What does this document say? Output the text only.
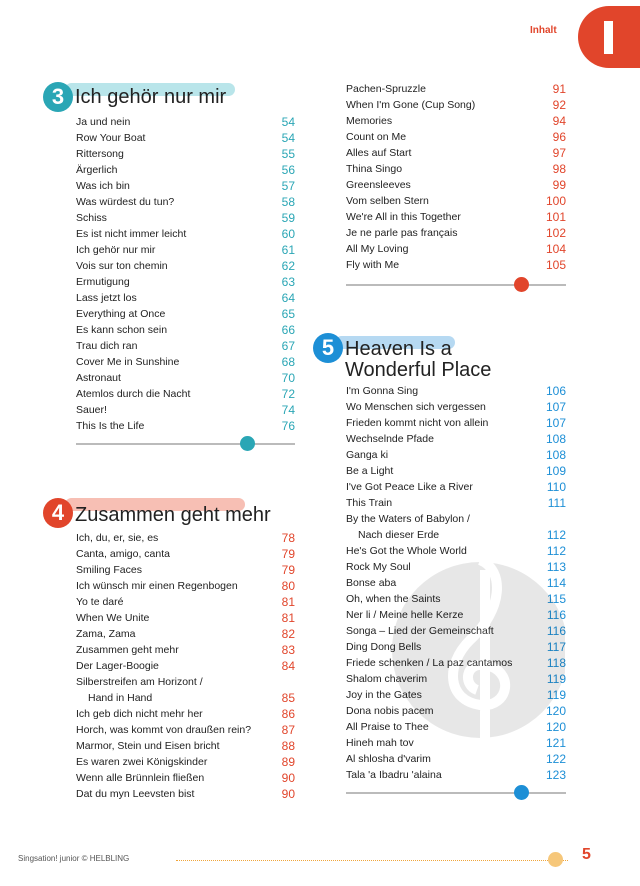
Inhalt
3 Ich gehör nur mir
Ja und nein	54
Row Your Boat	54
Rittersong	55
Ärgerlich	56
Was ich bin	57
Was würdest du tun?	58
Schiss	59
Es ist nicht immer leicht	60
Ich gehör nur mir	61
Vois sur ton chemin	62
Ermutigung	63
Lass jetzt los	64
Everything at Once	65
Es kann schon sein	66
Trau dich ran	67
Cover Me in Sunshine	68
Astronaut	70
Atemlos durch die Nacht	72
Sauer!	74
This Is the Life	76
4 Zusammen geht mehr
Ich, du, er, sie, es	78
Canta, amigo, canta	79
Smiling Faces	79
Ich wünsch mir einen Regenbogen	80
Yo te daré	81
When We Unite	81
Zama, Zama	82
Zusammen geht mehr	83
Der Lager-Boogie	84
Silberstreifen am Horizont /
Hand in Hand	85
Ich geb dich nicht mehr her	86
Horch, was kommt von draußen rein?	87
Marmor, Stein und Eisen bricht	88
Es waren zwei Königskinder	89
Wenn alle Brünnlein fließen	90
Dat du myn Leevsten bist	90
Pachen-Spruzzle	91
When I'm Gone (Cup Song)	92
Memories	94
Count on Me	96
Alles auf Start	97
Thina Singo	98
Greensleeves	99
Vom selben Stern	100
We're All in this Together	101
Je ne parle pas français	102
All My Loving	104
Fly with Me	105
5 Heaven Is a
Wonderful Place
I'm Gonna Sing	106
Wo Menschen sich vergessen	107
Frieden kommt nicht von allein	107
Wechselnde Pfade	108
Ganga ki	108
Be a Light	109
I've Got Peace Like a River	110
This Train	111
By the Waters of Babylon /
Nach dieser Erde	112
He's Got the Whole World	112
Rock My Soul	113
Bonse aba	114
Oh, when the Saints	115
Ner li / Meine helle Kerze	116
Songa – Lied der Gemeinschaft	116
Ding Dong Bells	117
Friede schenken / La paz cantamos	118
Shalom chaverim	119
Joy in the Gates	119
Dona nobis pacem	120
All Praise to Thee	120
Hineh mah tov	121
Al shlosha d'varim	122
Tala 'a Ibadru 'alaina	123
Singsation! junior © HELBLING	5
